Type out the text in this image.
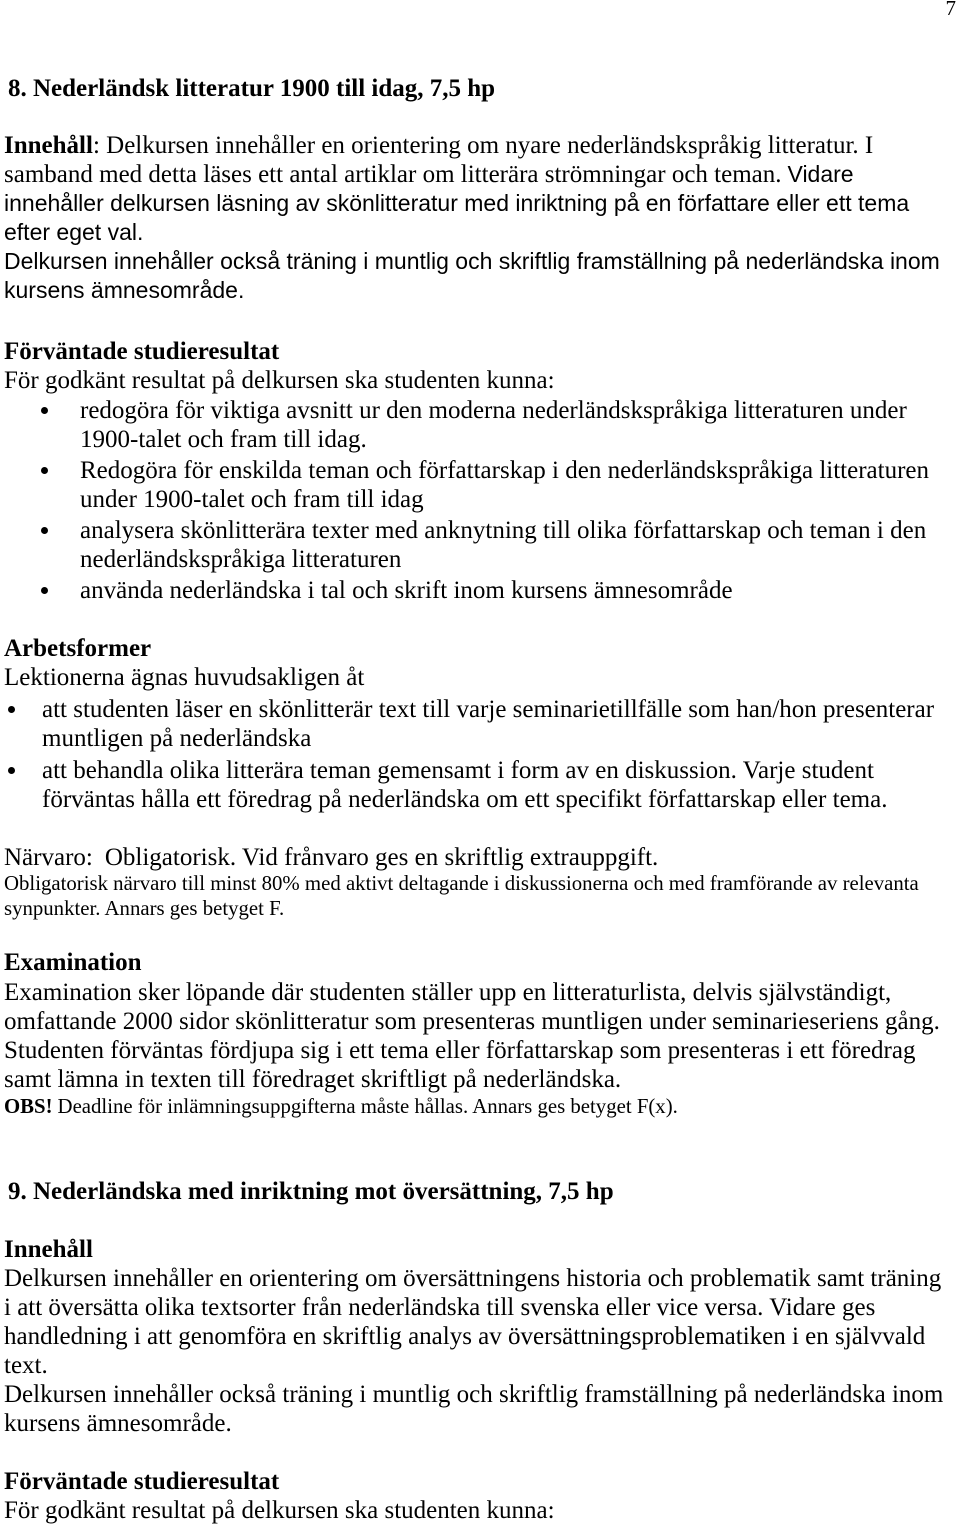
7
8. Nederländsk litteratur 1900 till idag, 7,5 hp
Innehåll: Delkursen innehåller en orientering om nyare nederländskspråkig litteratur. I
samband med detta läses ett antal artiklar om litterära strömningar och teman. Vidare
innehåller delkursen läsning av skönlitteratur med inriktning på en författare eller ett tema
efter eget val.
Delkursen innehåller också träning i muntlig och skriftlig framställning på nederländska inom
kursens ämnesområde.
Förväntade studieresultat
För godkänt resultat på delkursen ska studenten kunna:
redogöra för viktiga avsnitt ur den moderna nederländskspråkiga litteraturen under
1900-talet och fram till idag.
Redogöra för enskilda teman och författarskap i den nederländskspråkiga litteraturen
under 1900-talet och fram till idag
analysera skönlitterära texter med anknytning till olika författarskap och teman i den
nederländskspråkiga litteraturen
använda nederländska i tal och skrift inom kursens ämnesområde
Arbetsformer
Lektionerna ägnas huvudsakligen åt
att studenten läser en skönlitterär text till varje seminarietillfälle som han/hon presenterar
muntligen på nederländska
att behandla olika litterära teman gemensamt i form av en diskussion. Varje student
förväntas hålla ett föredrag på nederländska om ett specifikt författarskap eller tema.
Närvaro: Obligatorisk. Vid frånvaro ges en skriftlig extrauppgift.
Obligatorisk närvaro till minst 80% med aktivt deltagande i diskussionerna och med framförande av relevanta
synpunkter. Annars ges betyget F.
Examination
Examination sker löpande där studenten ställer upp en litteraturlista, delvis självständigt,
omfattande 2000 sidor skönlitteratur som presenteras muntligen under seminarieseriens gång.
Studenten förväntas fördjupa sig i ett tema eller författarskap som presenteras i ett föredrag
samt lämna in texten till föredraget skriftligt på nederländska.
OBS! Deadline för inlämningsuppgifterna måste hållas. Annars ges betyget F(x).
9. Nederländska med inriktning mot översättning, 7,5 hp
Innehåll
Delkursen innehåller en orientering om översättningens historia och problematik samt träning
i att översätta olika textsorter från nederländska till svenska eller vice versa. Vidare ges
handledning i att genomföra en skriftlig analys av översättningsproblematiken i en självvald
text.
Delkursen innehåller också träning i muntlig och skriftlig framställning på nederländska inom
kursens ämnesområde.
Förväntade studieresultat
För godkänt resultat på delkursen ska studenten kunna:
